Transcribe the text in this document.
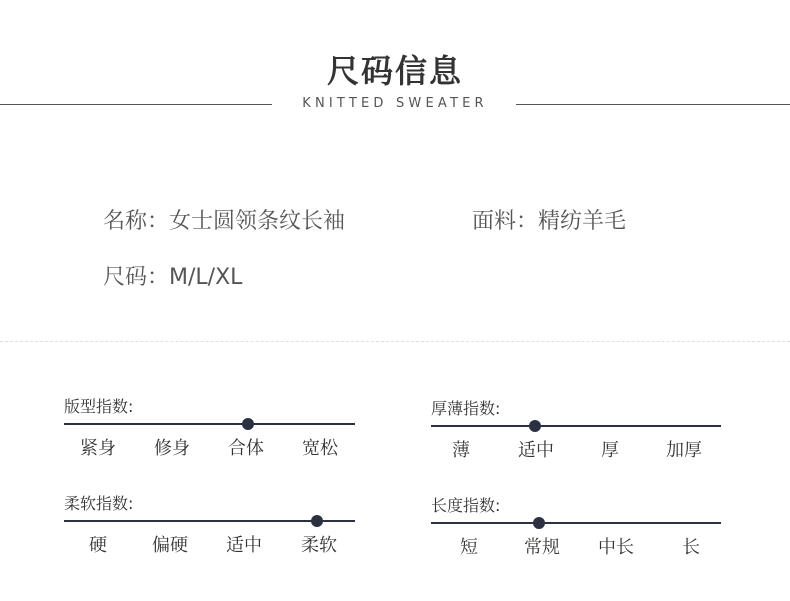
尺码信息
KNITTED SWEATER
名称：女士圆领条纹长袖	面料：精纺羊毛
尺码：M/L/XL
版型指数:
紧身 修身 合体 宽松
厚薄指数:
薄	适中	厚	加厚
柔软指数:
硬	偏硬 适中 柔软
长度指数:
短	常规 中长	长
